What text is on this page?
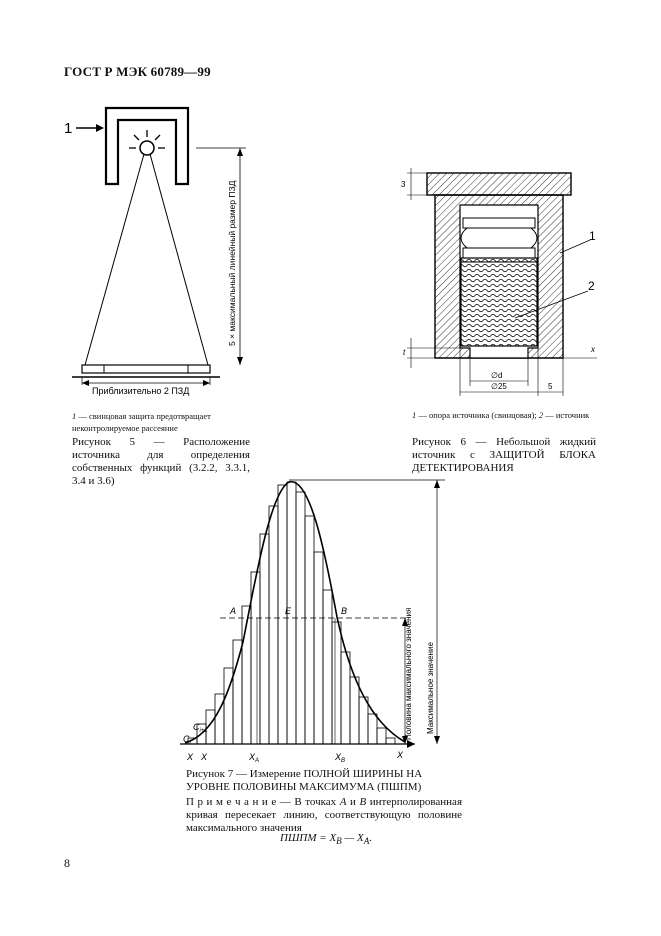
ГОСТ Р МЭК 60789—99
1
5 × максимальный линейный размер ПЗД
Приблизительно 2 ПЗД
1 — свинцовая защита предотвращает неконтролируемое рассеяние
Рисунок 5 — Расположение источника для определения собственных функций (3.2.2, 3.3.1, 3.4 и 3.6)
3
1
2
t	x
∅d
∅25	5
1 — опора источника (свинцовая); 2 — источник
Рисунок 6 — Небольшой жидкий источник с ЗАЩИТОЙ БЛОКА ДЕТЕКТИРОВАНИЯ
A	E	B
$C_{i+1}$
$C_i$
X X	$X_A$	$X_B$
X
Половина максимального значения Максимальное значение
Рисунок 7 — Измерение ПОЛНОЙ ШИРИНЫ НА УРОВНЕ ПОЛОВИНЫ МАКСИМУМА (ПШПМ)
П р и м е ч а н и е — В точках A и B интерполированная кривая пересекает линию, соответствующую половине максимального значения
ПШПМ = $X_B$ — $X_A$.
8
